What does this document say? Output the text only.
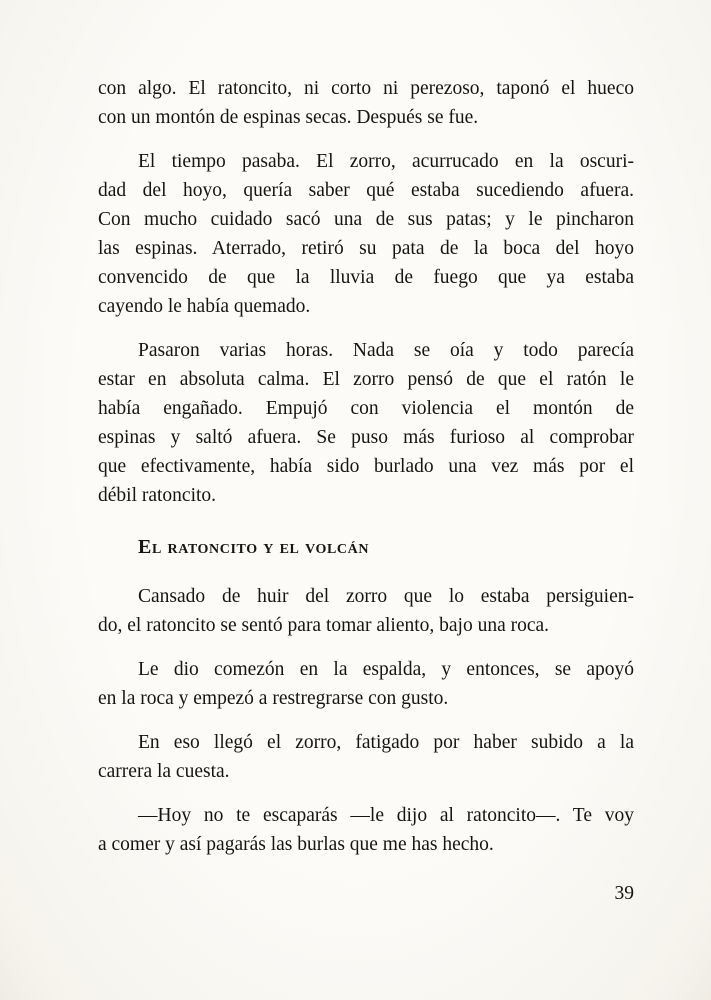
con algo. El ratoncito, ni corto ni perezoso, taponó el hueco
con un montón de espinas secas. Después se fue.
El tiempo pasaba. El zorro, acurrucado en la oscuri-
dad del hoyo, quería saber qué estaba sucediendo afuera.
Con mucho cuidado sacó una de sus patas; y le pincharon
las espinas. Aterrado, retiró su pata de la boca del hoyo
convencido de que la lluvia de fuego que ya estaba
cayendo le había quemado.
Pasaron varias horas. Nada se oía y todo parecía
estar en absoluta calma. El zorro pensó de que el ratón le
había engañado. Empujó con violencia el montón de
espinas y saltó afuera. Se puso más furioso al comprobar
que efectivamente, había sido burlado una vez más por el
débil ratoncito.
El ratoncito y el volcán
Cansado de huir del zorro que lo estaba persiguien-
do, el ratoncito se sentó para tomar aliento, bajo una roca.
Le dio comezón en la espalda, y entonces, se apoyó
en la roca y empezó a restregrarse con gusto.
En eso llegó el zorro, fatigado por haber subido a la
carrera la cuesta.
—Hoy no te escaparás —le dijo al ratoncito—. Te voy
a comer y así pagarás las burlas que me has hecho.
39
